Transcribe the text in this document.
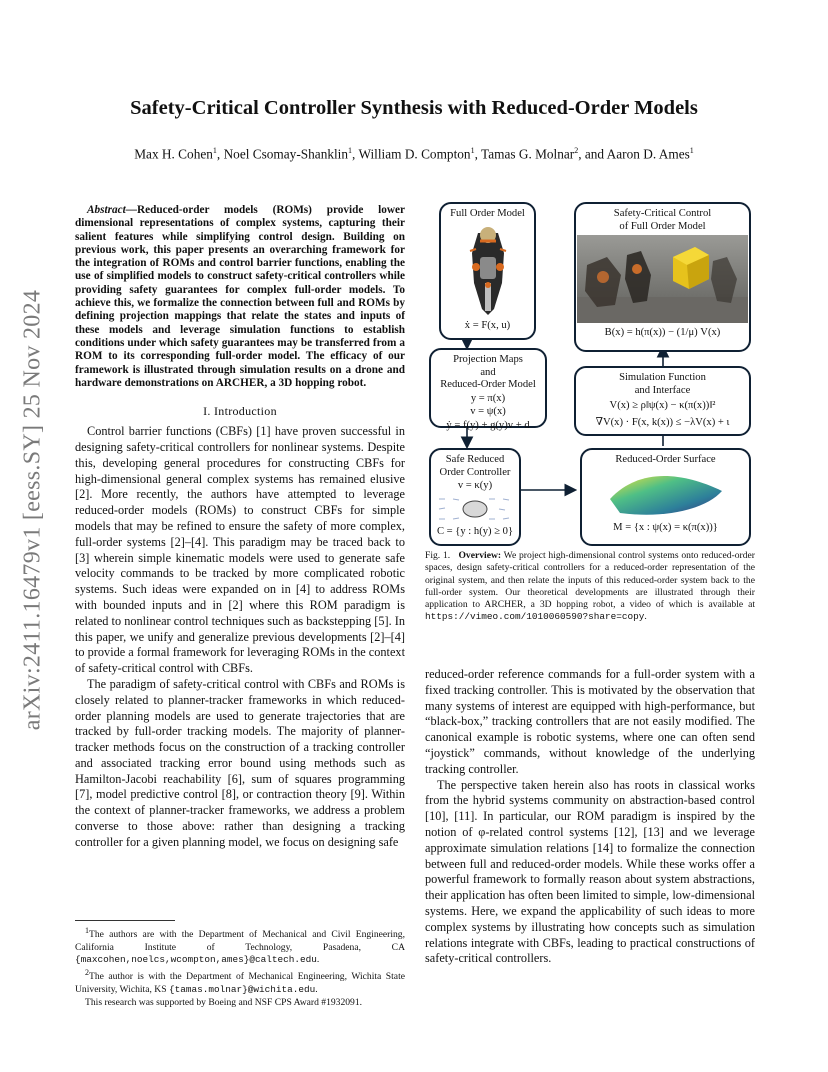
arXiv:2411.16479v1 [eess.SY] 25 Nov 2024
Safety-Critical Controller Synthesis with Reduced-Order Models
Max H. Cohen$^1$, Noel Csomay-Shanklin$^1$, William D. Compton$^1$, Tamas G. Molnar$^2$, and Aaron D. Ames$^1$

Abstract—Reduced-order models (ROMs) provide lower dimensional representations of complex systems, capturing their salient features while simplifying control design. Building on previous work, this paper presents an overarching framework for the integration of ROMs and control barrier functions, enabling the use of simplified models to construct safety-critical controllers while providing safety guarantees for complex full-order models. To achieve this, we formalize the connection between full and ROMs by defining projection mappings that relate the states and inputs of these models and leverage simulation functions to establish conditions under which safety guarantees may be transferred from a ROM to its corresponding full-order model. The efficacy of our framework is illustrated through simulation results on a drone and hardware demonstrations on ARCHER, a 3D hopping robot.

I. Introduction

Control barrier functions (CBFs) [1] have proven successful in designing safety-critical controllers for nonlinear systems. Despite this, developing general procedures for constructing CBFs for high-dimensional general complex systems has remained elusive [2]. More recently, the authors have attempted to leverage reduced-order models (ROMs) to construct CBFs for simple models that may be refined to ensure the safety of more complex, full-order systems [2]–[4]. This paradigm may be traced back to [3] wherein simple kinematic models were used to generate safe velocity commands to be tracked by more complicated robotic systems. Such ideas were expanded on in [4] to address ROMs with bounded inputs and in [2] where this ROM paradigm is related to nonlinear control techniques such as backstepping [5]. In this paper, we unify and generalize previous developments [2]–[4] to provide a formal framework for leveraging ROMs in the context of safety-critical control with CBFs.

The paradigm of safety-critical control with CBFs and ROMs is closely related to planner-tracker frameworks in which reduced-order planning models are used to generate trajectories that are tracked by full-order tracking models. The majority of planner-tracker methods focus on the construction of a tracking controller and associated tracking error bound using methods such as Hamilton-Jacobi reachability [6], sum of squares programming [7], model predictive control [8], or contraction theory [9]. Within the context of planner-tracker frameworks, we address a problem converse to those above: rather than designing a tracking controller for a given planning model, we focus on designing safe

$^1$The authors are with the Department of Mechanical and Civil Engineering, California Institute of Technology, Pasadena, CA {maxcohen,noelcs,wcompton,ames}@caltech.edu.

$^2$The author is with the Department of Mechanical Engineering, Wichita State University, Wichita, KS {tamas.molnar}@wichita.edu.

This research was supported by Boeing and NSF CPS Award #1932091.

Full Order Model
ẋ = F(x, u)
Safety-Critical Control
of Full Order Model
B(x) = h(π(x)) − (1/μ) V(x)
Projection Maps
and
Reduced-Order Model
y = π(x)
v = ψ(x)
ẏ = f(y) + g(y)v + d
Simulation Function
and Interface
V(x) ≥ ρ‖ψ(x) − κ(π(x))‖²
∇V(x) · F(x, k(x)) ≤ −λV(x) + ι
Safe Reduced
Order Controller
v = κ(y)
C = {y : h(y) ≥ 0}
Reduced-Order Surface
M = {x : ψ(x) = κ(π(x))}
Fig. 1. Overview: We project high-dimensional control systems onto reduced-order spaces, design safety-critical controllers for a reduced-order representation of the original system, and then relate the inputs of this reduced-order system back to the full-order system. Our theoretical developments are illustrated through their application to ARCHER, a 3D hopping robot, a video of which is available at https://vimeo.com/1010060590?share=copy.

reduced-order reference commands for a full-order system with a fixed tracking controller. This is motivated by the observation that many systems of interest are equipped with high-performance, but “black-box,” tracking controllers that are not easily modified. The canonical example is robotic systems, where one can often send “joystick” commands, without knowledge of the underlying tracking controller.

The perspective taken herein also has roots in classical works from the hybrid systems community on abstraction-based control [10], [11]. In particular, our ROM paradigm is inspired by the notion of φ-related control systems [12], [13] and we leverage approximate simulation relations [14] to formalize the connection between full and reduced-order models. While these works offer a powerful framework to formally reason about system abstractions, their application has often been limited to simple, low-dimensional systems. Here, we expand the applicability of such ideas to more complex systems by illustrating how concepts such as simulation relations integrate with CBFs, leading to practical constructions of safety-critical controllers.
